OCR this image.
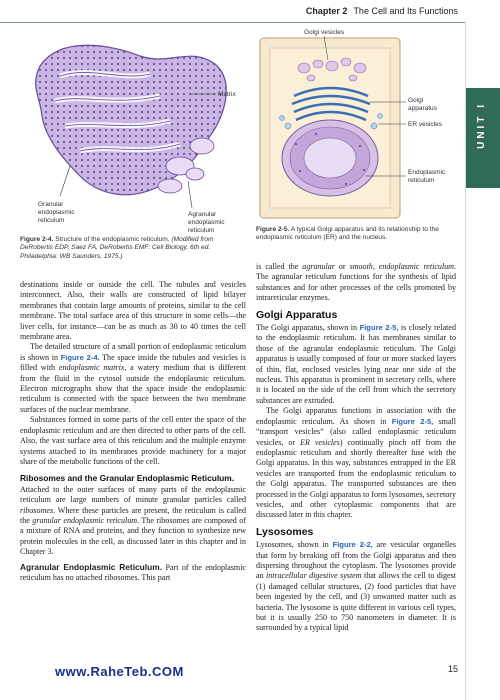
Chapter 2 The Cell and Its Functions
UNIT I
Matrix
Granular endoplasmic reticulum
Agranular endoplasmic reticulum
Figure 2-4. Structure of the endoplasmic reticulum. (Modified from DeRobertis EDP, Saez FA, DeRobertis EMF: Cell Biology, 6th ed. Philadelphia: WB Saunders, 1975.)
Golgi vesicles
Golgi apparatus
ER vesicles
Endoplasmic reticulum
Figure 2-5. A typical Golgi apparatus and its relationship to the endoplasmic reticulum (ER) and the nucleus.

destinations inside or outside the cell. The tubules and vesicles interconnect. Also, their walls are constructed of lipid bilayer membranes that contain large amounts of proteins, similar to the cell membrane. The total surface area of this structure in some cells—the liver cells, for instance—can be as much as 30 to 40 times the cell membrane area.

The detailed structure of a small portion of endoplasmic reticulum is shown in Figure 2-4. The space inside the tubules and vesicles is filled with endoplasmic matrix, a watery medium that is different from the fluid in the cytosol outside the endoplasmic reticulum. Electron micrographs show that the space inside the endoplasmic reticulum is connected with the space between the two membrane surfaces of the nuclear membrane.

Substances formed in some parts of the cell enter the space of the endoplasmic reticulum and are then directed to other parts of the cell. Also, the vast surface area of this reticulum and the multiple enzyme systems attached to its membranes provide machinery for a major share of the metabolic functions of the cell.

Ribosomes and the Granular Endoplasmic Reticulum.

Attached to the outer surfaces of many parts of the endoplasmic reticulum are large numbers of minute granular particles called ribosomes. Where these particles are present, the reticulum is called the granular endoplasmic reticulum. The ribosomes are composed of a mixture of RNA and proteins, and they function to synthesize new protein molecules in the cell, as discussed later in this chapter and in Chapter 3.

Agranular Endoplasmic Reticulum. Part of the endoplasmic reticulum has no attached ribosomes. This part

is called the agranular or smooth, endoplasmic reticulum. The agranular reticulum functions for the synthesis of lipid substances and for other processes of the cells promoted by intrareticular enzymes.

Golgi Apparatus

The Golgi apparatus, shown in Figure 2-5, is closely related to the endoplasmic reticulum. It has membranes similar to those of the agranular endoplasmic reticulum. The Golgi apparatus is usually composed of four or more stacked layers of thin, flat, enclosed vesicles lying near one side of the nucleus. This apparatus is prominent in secretory cells, where it is located on the side of the cell from which the secretory substances are extruded.

The Golgi apparatus functions in association with the endoplasmic reticulum. As shown in Figure 2-5, small “transport vesicles” (also called endoplasmic reticulum vesicles, or ER vesicles) continually pinch off from the endoplasmic reticulum and shortly thereafter fuse with the Golgi apparatus. In this way, substances entrapped in the ER vesicles are transported from the endoplasmic reticulum to the Golgi apparatus. The transported substances are then processed in the Golgi apparatus to form lysosomes, secretory vesicles, and other cytoplasmic components that are discussed later in this chapter.

Lysosomes

Lysosomes, shown in Figure 2-2, are vesicular organelles that form by breaking off from the Golgi apparatus and then dispersing throughout the cytoplasm. The lysosomes provide an intracellular digestive system that allows the cell to digest (1) damaged cellular structures, (2) food particles that have been ingested by the cell, and (3) unwanted matter such as bacteria. The lysosome is quite different in various cell types, but it is usually 250 to 750 nanometers in diameter. It is surrounded by a typical lipid

www.RaheTeb.COM	15
